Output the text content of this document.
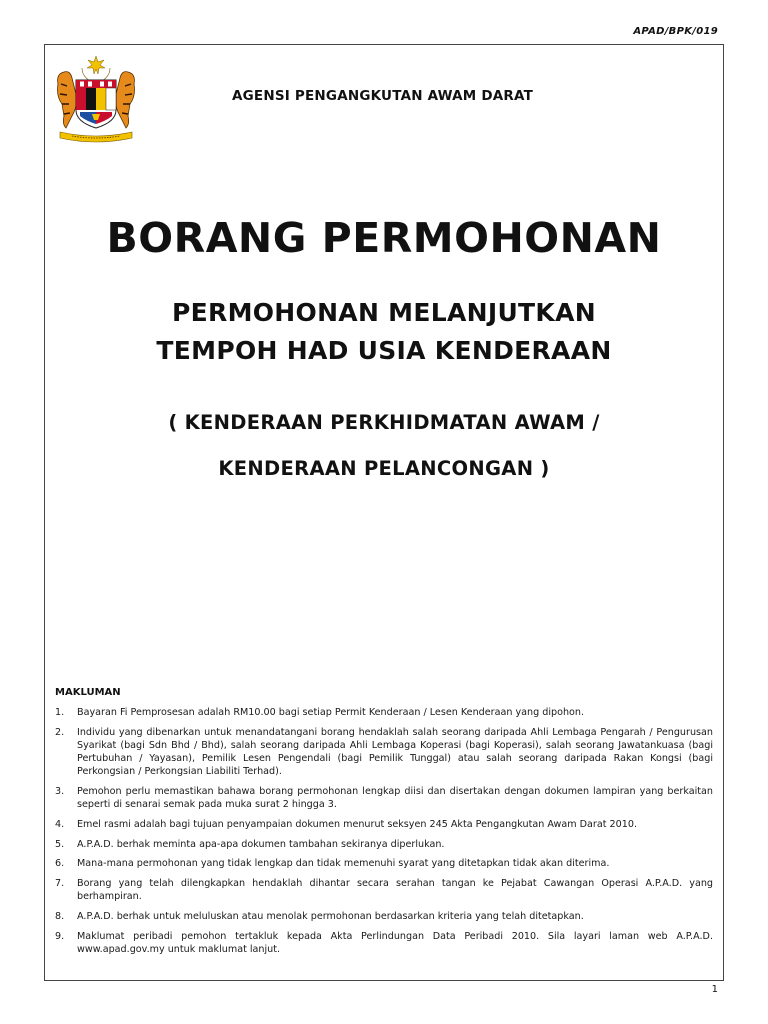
APAD/BPK/019
AGENSI PENGANGKUTAN AWAM DARAT
BORANG PERMOHONAN
PERMOHONAN MELANJUTKAN
TEMPOH HAD USIA KENDERAAN
( KENDERAAN PERKHIDMATAN AWAM /
KENDERAAN PELANCONGAN )
MAKLUMAN
1. Bayaran Fi Pemprosesan adalah RM10.00 bagi setiap Permit Kenderaan / Lesen Kenderaan yang dipohon.
2. Individu yang dibenarkan untuk menandatangani borang hendaklah salah seorang daripada Ahli Lembaga Pengarah / Pengurusan Syarikat (bagi Sdn Bhd / Bhd), salah seorang daripada Ahli Lembaga Koperasi (bagi Koperasi), salah seorang Jawatankuasa (bagi Pertubuhan / Yayasan), Pemilik Lesen Pengendali (bagi Pemilik Tunggal) atau salah seorang daripada Rakan Kongsi (bagi Perkongsian / Perkongsian Liabiliti Terhad).
3. Pemohon perlu memastikan bahawa borang permohonan lengkap diisi dan disertakan dengan dokumen lampiran yang berkaitan seperti di senarai semak pada muka surat 2 hingga 3.
4. Emel rasmi adalah bagi tujuan penyampaian dokumen menurut seksyen 245 Akta Pengangkutan Awam Darat 2010.
5. A.P.A.D. berhak meminta apa-apa dokumen tambahan sekiranya diperlukan.
6. Mana-mana permohonan yang tidak lengkap dan tidak memenuhi syarat yang ditetapkan tidak akan diterima.
7. Borang yang telah dilengkapkan hendaklah dihantar secara serahan tangan ke Pejabat Cawangan Operasi A.P.A.D. yang berhampiran.
8. A.P.A.D. berhak untuk meluluskan atau menolak permohonan berdasarkan kriteria yang telah ditetapkan.
9. Maklumat peribadi pemohon tertakluk kepada Akta Perlindungan Data Peribadi 2010. Sila layari laman web A.P.A.D. www.apad.gov.my untuk maklumat lanjut.
1
